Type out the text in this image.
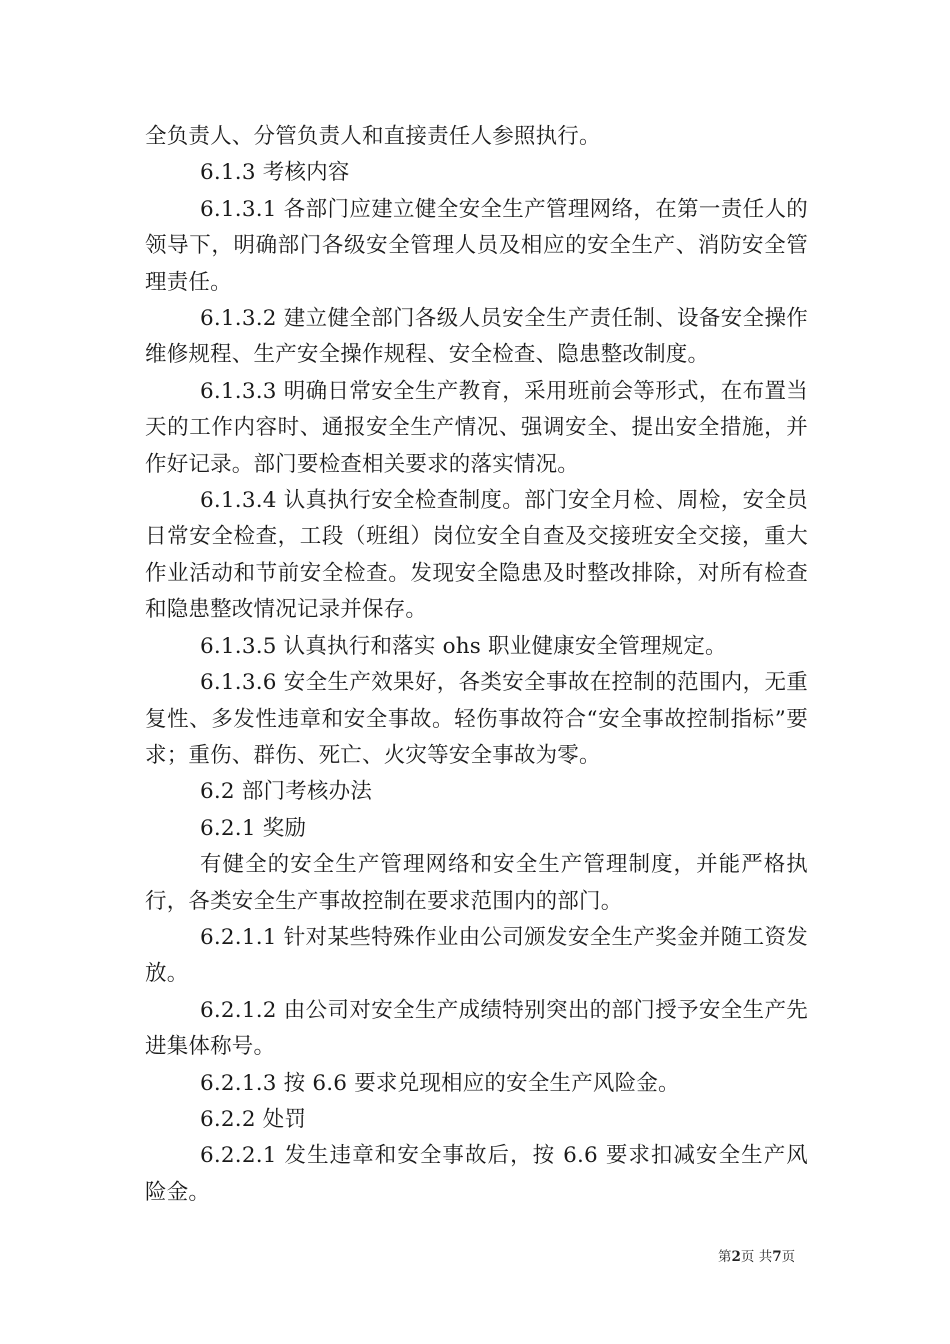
全负责人、分管负责人和直接责任人参照执行。

6.1.3 考核内容

6.1.3.1 各部门应建立健全安全生产管理网络，在第一责任人的领导下，明确部门各级安全管理人员及相应的安全生产、消防安全管理责任。

6.1.3.2 建立健全部门各级人员安全生产责任制、设备安全操作维修规程、生产安全操作规程、安全检查、隐患整改制度。

6.1.3.3 明确日常安全生产教育，采用班前会等形式，在布置当天的工作内容时、通报安全生产情况、强调安全、提出安全措施，并作好记录。部门要检查相关要求的落实情况。

6.1.3.4 认真执行安全检查制度。部门安全月检、周检，安全员日常安全检查，工段（班组）岗位安全自查及交接班安全交接，重大作业活动和节前安全检查。发现安全隐患及时整改排除，对所有检查和隐患整改情况记录并保存。

6.1.3.5 认真执行和落实 ohs 职业健康安全管理规定。

6.1.3.6 安全生产效果好，各类安全事故在控制的范围内，无重复性、多发性违章和安全事故。轻伤事故符合“安全事故控制指标”要求；重伤、群伤、死亡、火灾等安全事故为零。

6.2 部门考核办法

6.2.1 奖励

有健全的安全生产管理网络和安全生产管理制度，并能严格执行，各类安全生产事故控制在要求范围内的部门。

6.2.1.1 针对某些特殊作业由公司颁发安全生产奖金并随工资发放。

6.2.1.2 由公司对安全生产成绩特别突出的部门授予安全生产先进集体称号。

6.2.1.3 按 6.6 要求兑现相应的安全生产风险金。

6.2.2 处罚

6.2.2.1 发生违章和安全事故后，按 6.6 要求扣减安全生产风险金。

第2页 共7页
